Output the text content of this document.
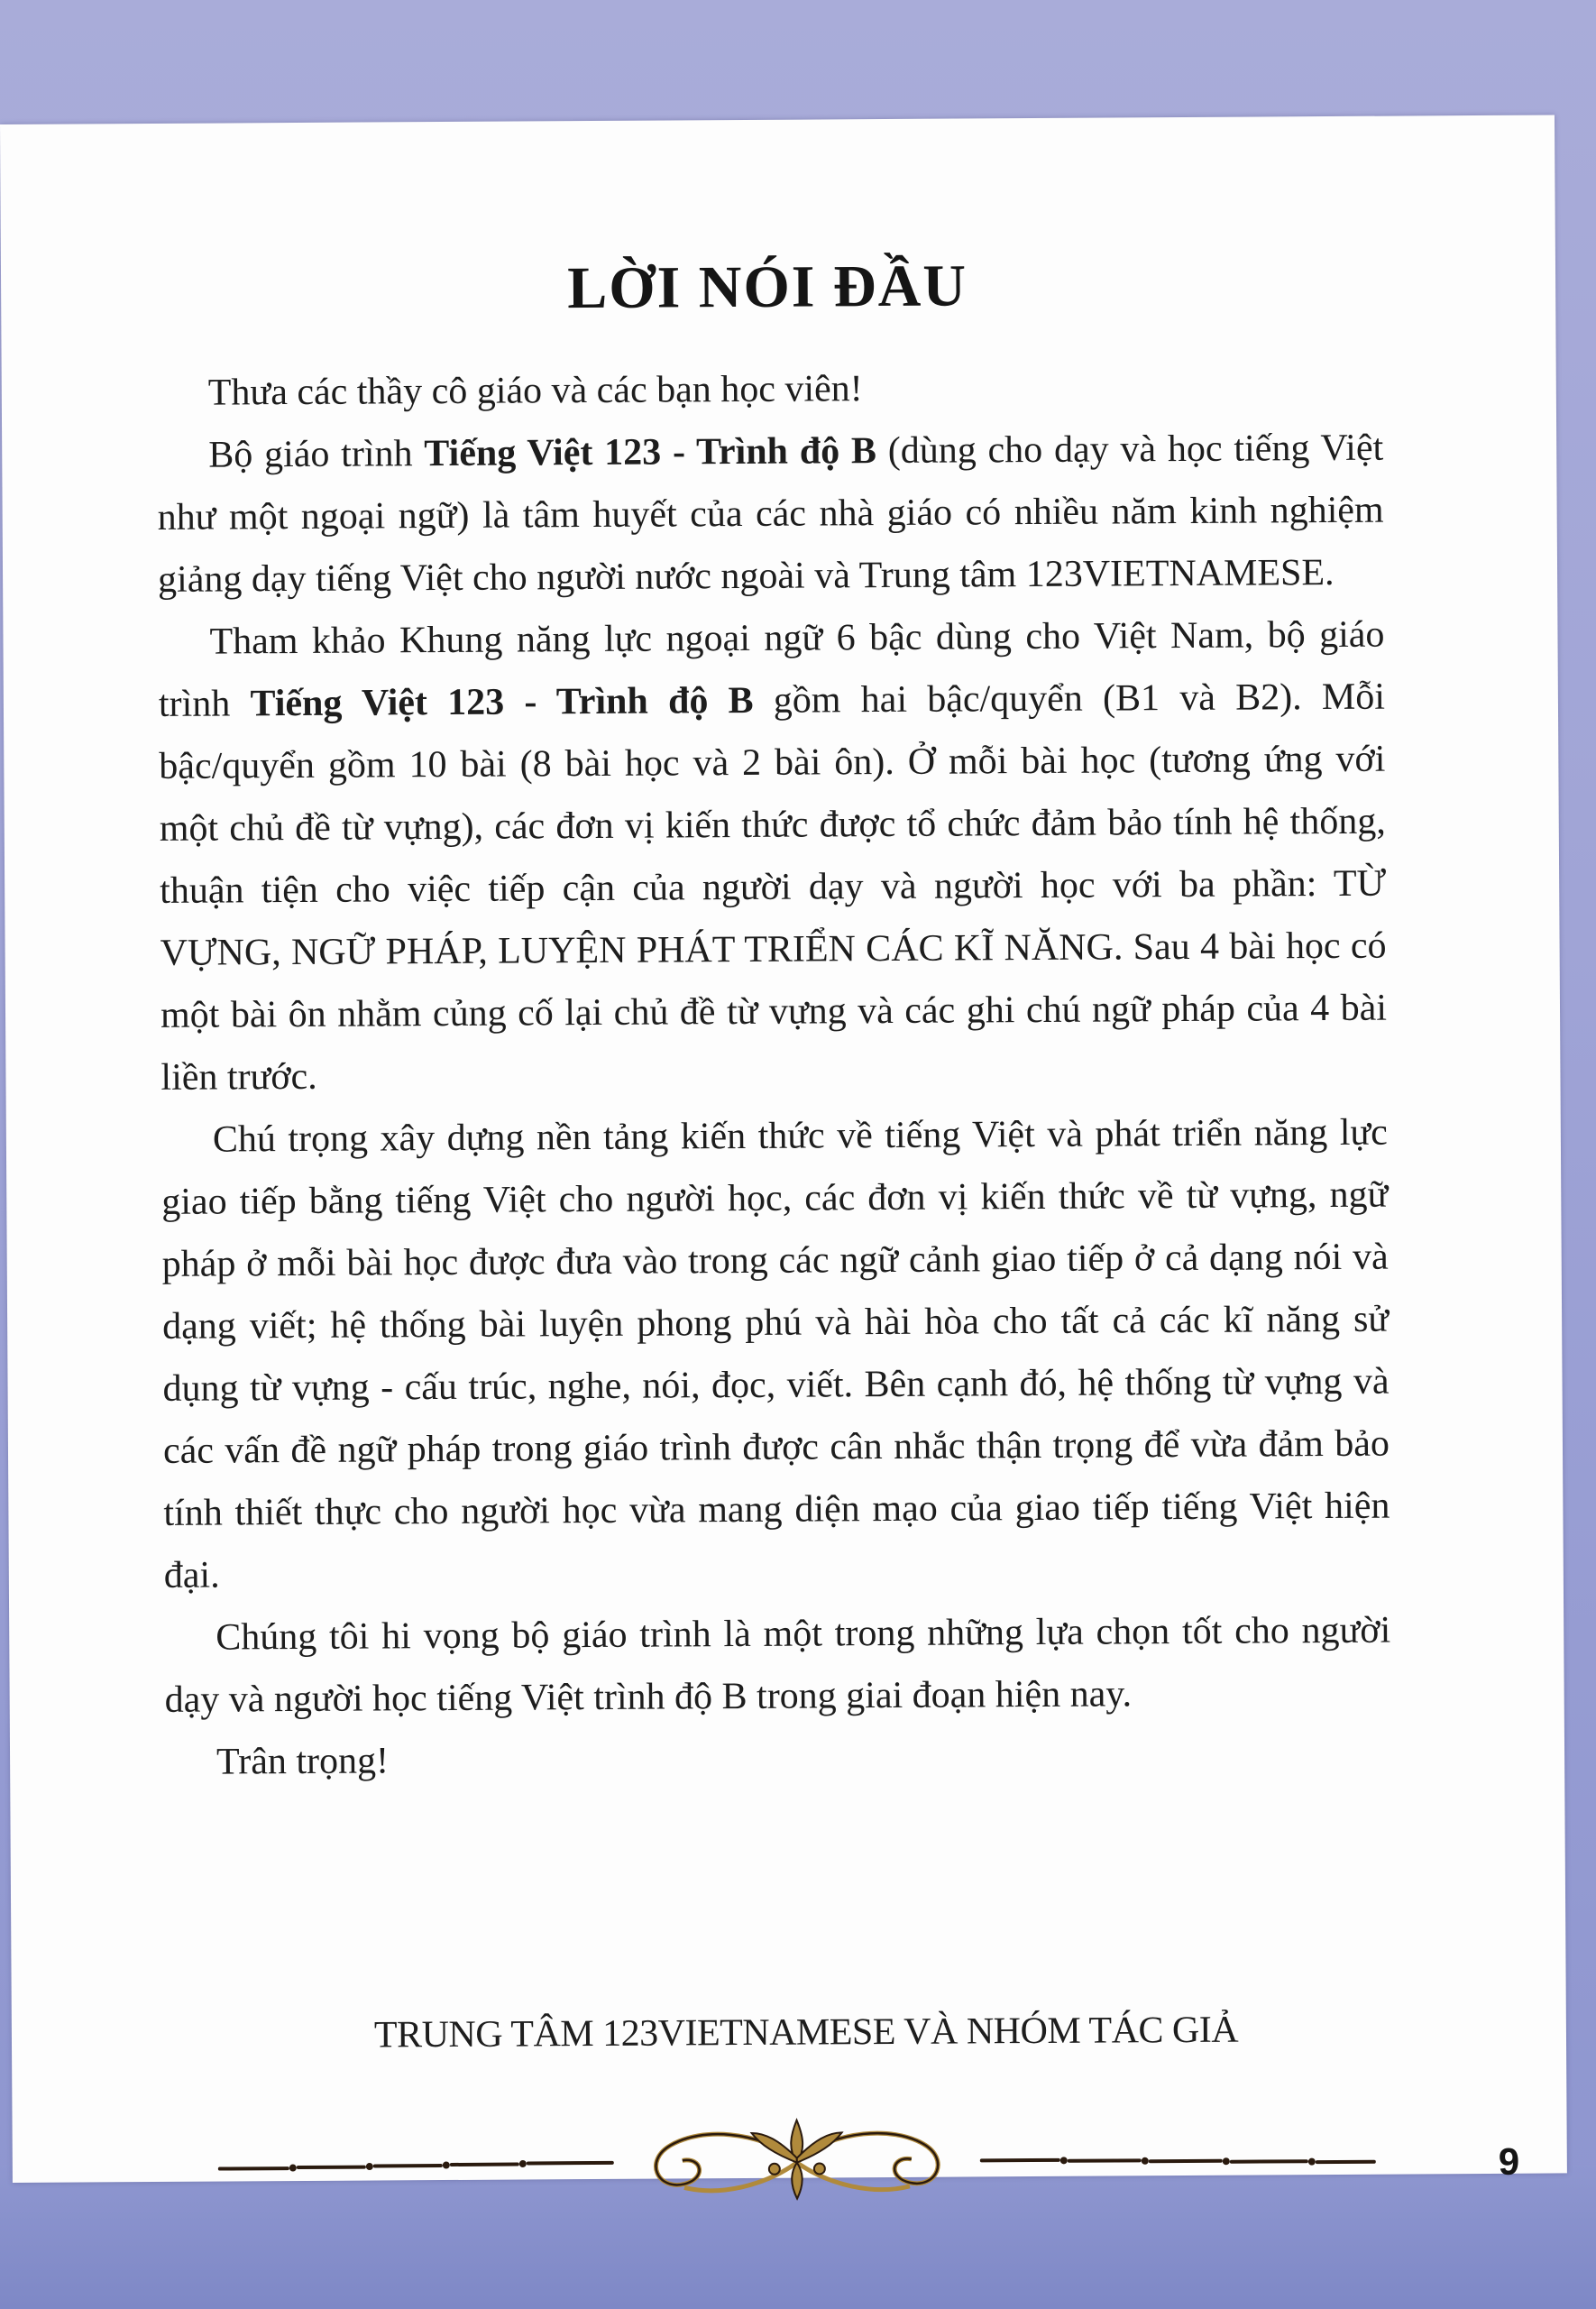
LỜI NÓI ĐẦU

Thưa các thầy cô giáo và các bạn học viên!

Bộ giáo trình Tiếng Việt 123 - Trình độ B (dùng cho dạy và học tiếng Việt như một ngoại ngữ) là tâm huyết của các nhà giáo có nhiều năm kinh nghiệm giảng dạy tiếng Việt cho người nước ngoài và Trung tâm 123VIETNAMESE.

Tham khảo Khung năng lực ngoại ngữ 6 bậc dùng cho Việt Nam, bộ giáo trình Tiếng Việt 123 - Trình độ B gồm hai bậc/quyển (B1 và B2). Mỗi bậc/quyển gồm 10 bài (8 bài học và 2 bài ôn). Ở mỗi bài học (tương ứng với một chủ đề từ vựng), các đơn vị kiến thức được tổ chức đảm bảo tính hệ thống, thuận tiện cho việc tiếp cận của người dạy và người học với ba phần: TỪ VỰNG, NGỮ PHÁP, LUYỆN PHÁT TRIỂN CÁC KĨ NĂNG. Sau 4 bài học có một bài ôn nhằm củng cố lại chủ đề từ vựng và các ghi chú ngữ pháp của 4 bài liền trước.

Chú trọng xây dựng nền tảng kiến thức về tiếng Việt và phát triển năng lực giao tiếp bằng tiếng Việt cho người học, các đơn vị kiến thức về từ vựng, ngữ pháp ở mỗi bài học được đưa vào trong các ngữ cảnh giao tiếp ở cả dạng nói và dạng viết; hệ thống bài luyện phong phú và hài hòa cho tất cả các kĩ năng sử dụng từ vựng - cấu trúc, nghe, nói, đọc, viết. Bên cạnh đó, hệ thống từ vựng và các vấn đề ngữ pháp trong giáo trình được cân nhắc thận trọng để vừa đảm bảo tính thiết thực cho người học vừa mang diện mạo của giao tiếp tiếng Việt hiện đại.

Chúng tôi hi vọng bộ giáo trình là một trong những lựa chọn tốt cho người dạy và người học tiếng Việt trình độ B trong giai đoạn hiện nay.

Trân trọng!

TRUNG TÂM 123VIETNAMESE VÀ NHÓM TÁC GIẢ
9
